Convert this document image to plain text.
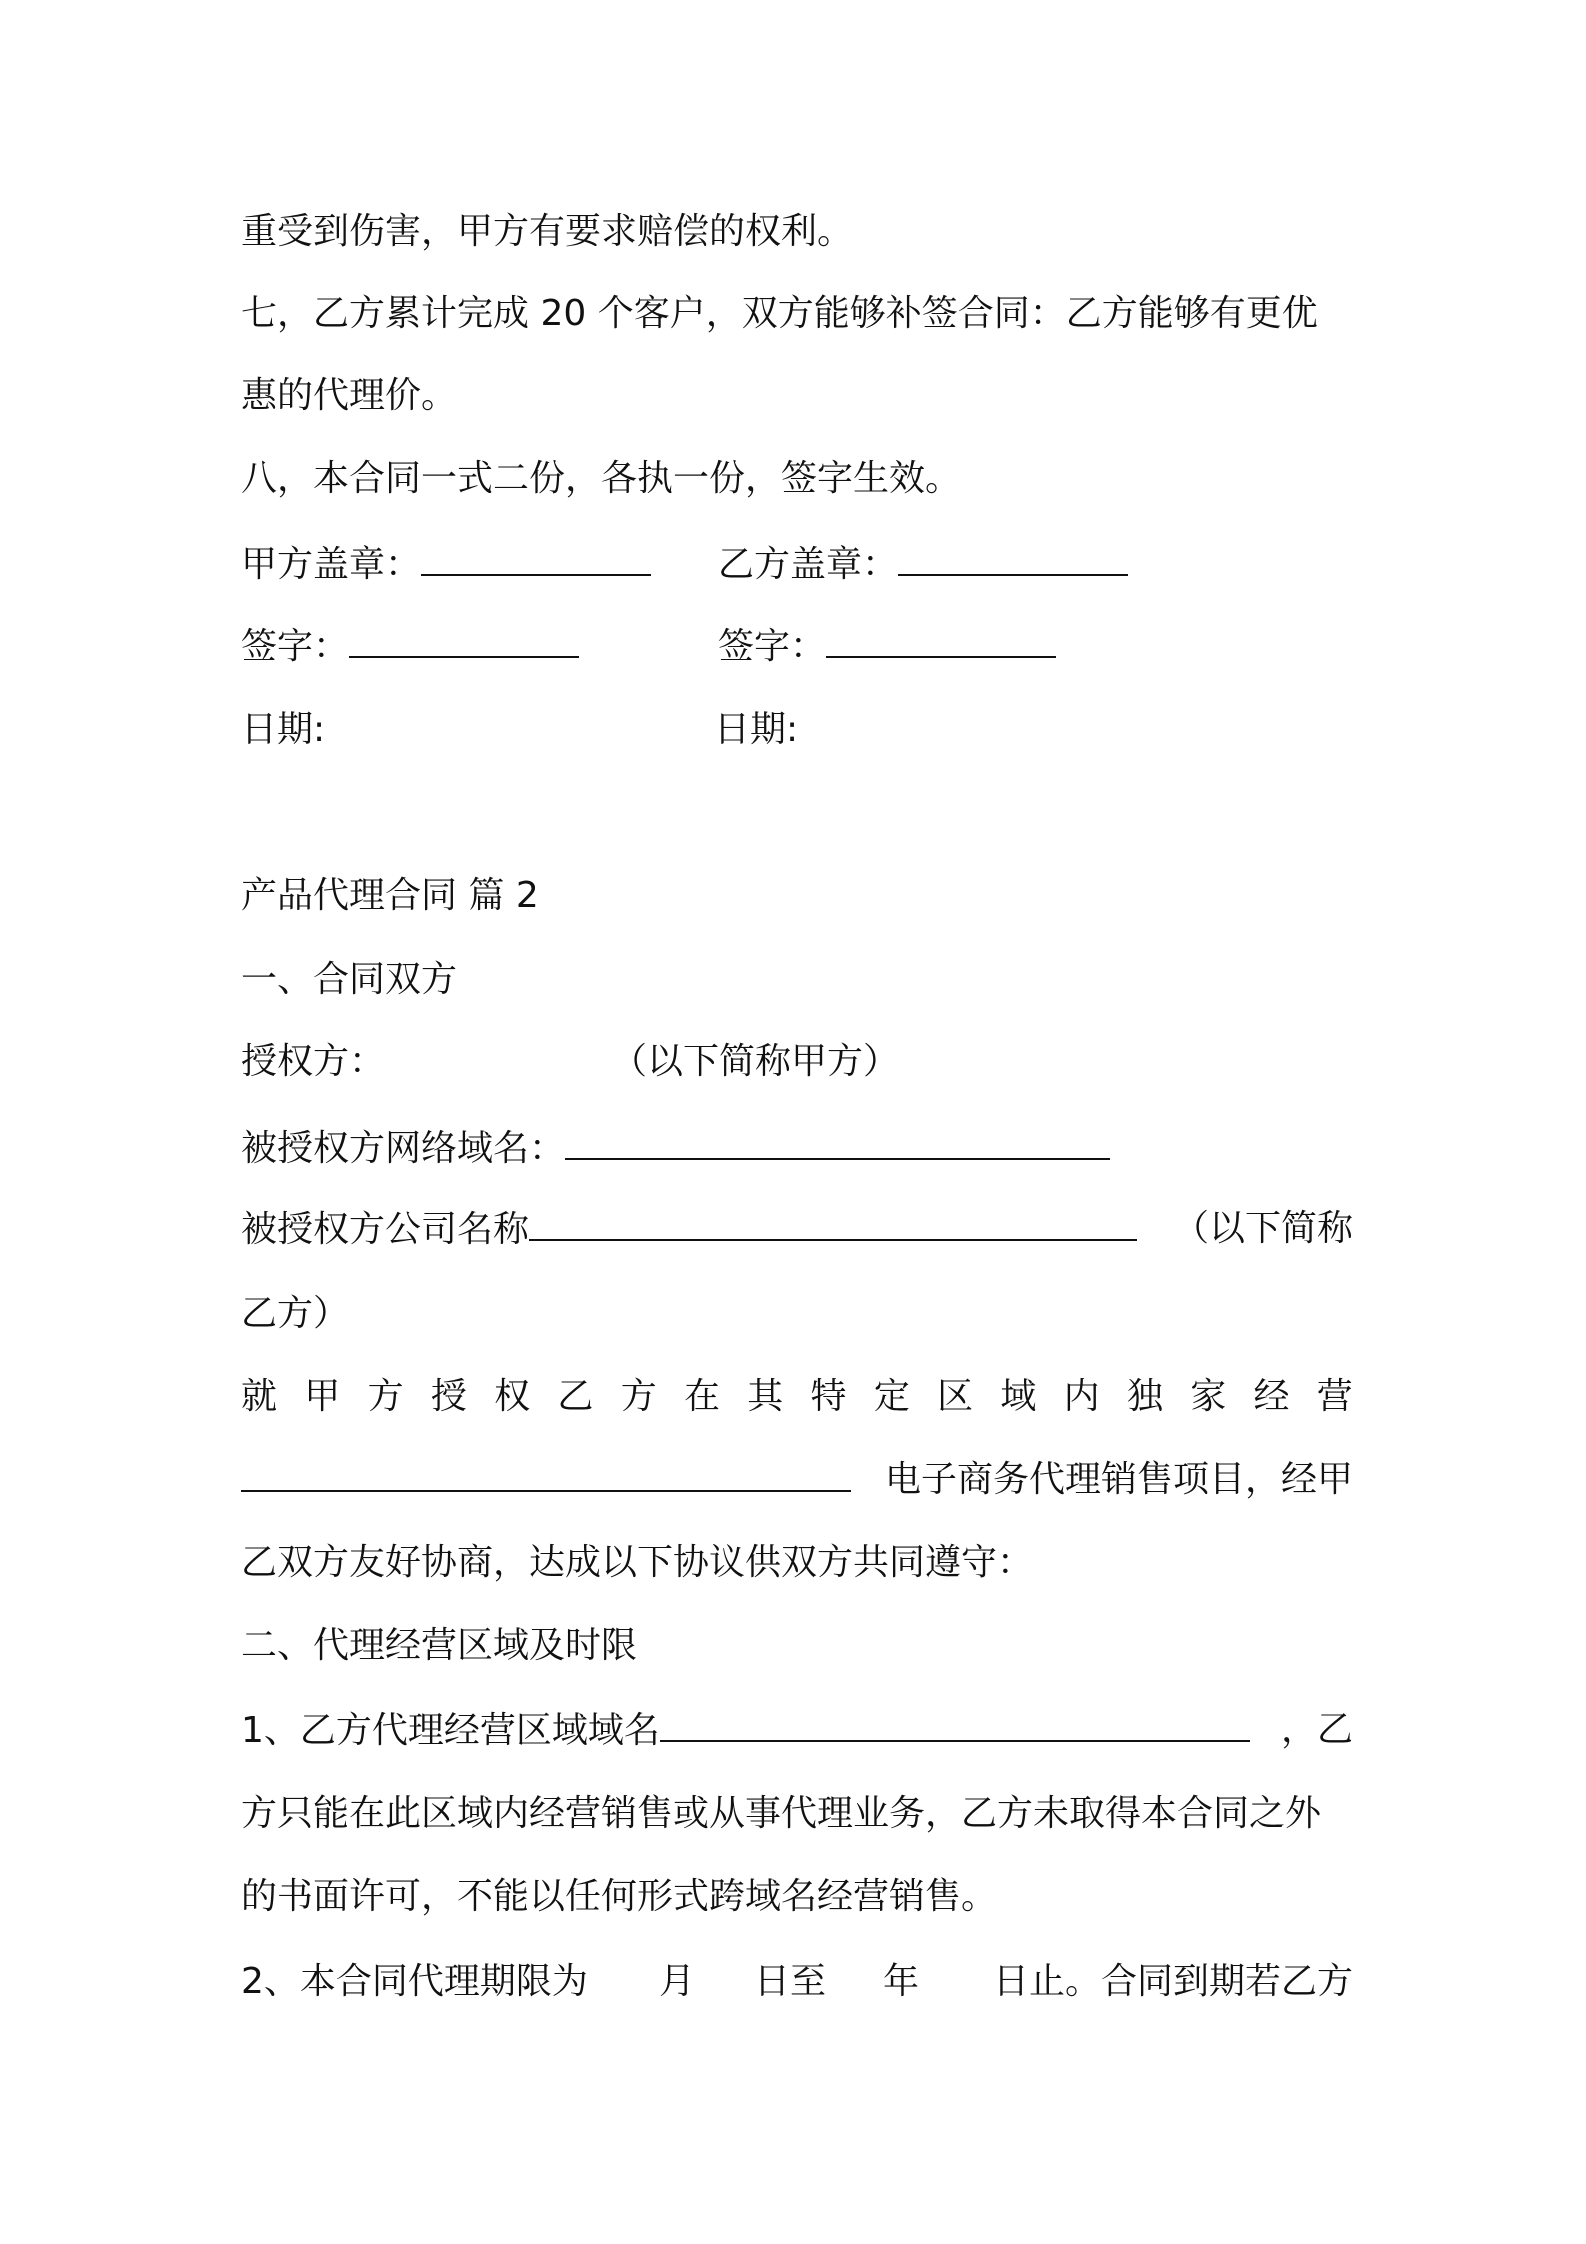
重受到伤害，甲方有要求赔偿的权利。
七，乙方累计完成 20 个客户，双方能够补签合同：乙方能够有更优
惠的代理价。
八，本合同一式二份，各执一份，签字生效。
甲方盖章：	乙方盖章：
签字：	签字：
日期:	日期:
产品代理合同 篇 2
一、合同双方
授权方：	（以下简称甲方）
被授权方网络域名：
被授权方公司名称	（以下简称
乙方）
就 甲 方 授 权 乙 方 在 其 特 定 区 域 内 独 家 经 营
电子商务代理销售项目，经甲
乙双方友好协商，达成以下协议供双方共同遵守：
二、代理经营区域及时限
1、乙方代理经营区域域名	，乙
方只能在此区域内经营销售或从事代理业务，乙方未取得本合同之外
的书面许可，不能以任何形式跨域名经营销售。
2、本合同代理期限为 月 日至 年 日止。合同到期若乙方
